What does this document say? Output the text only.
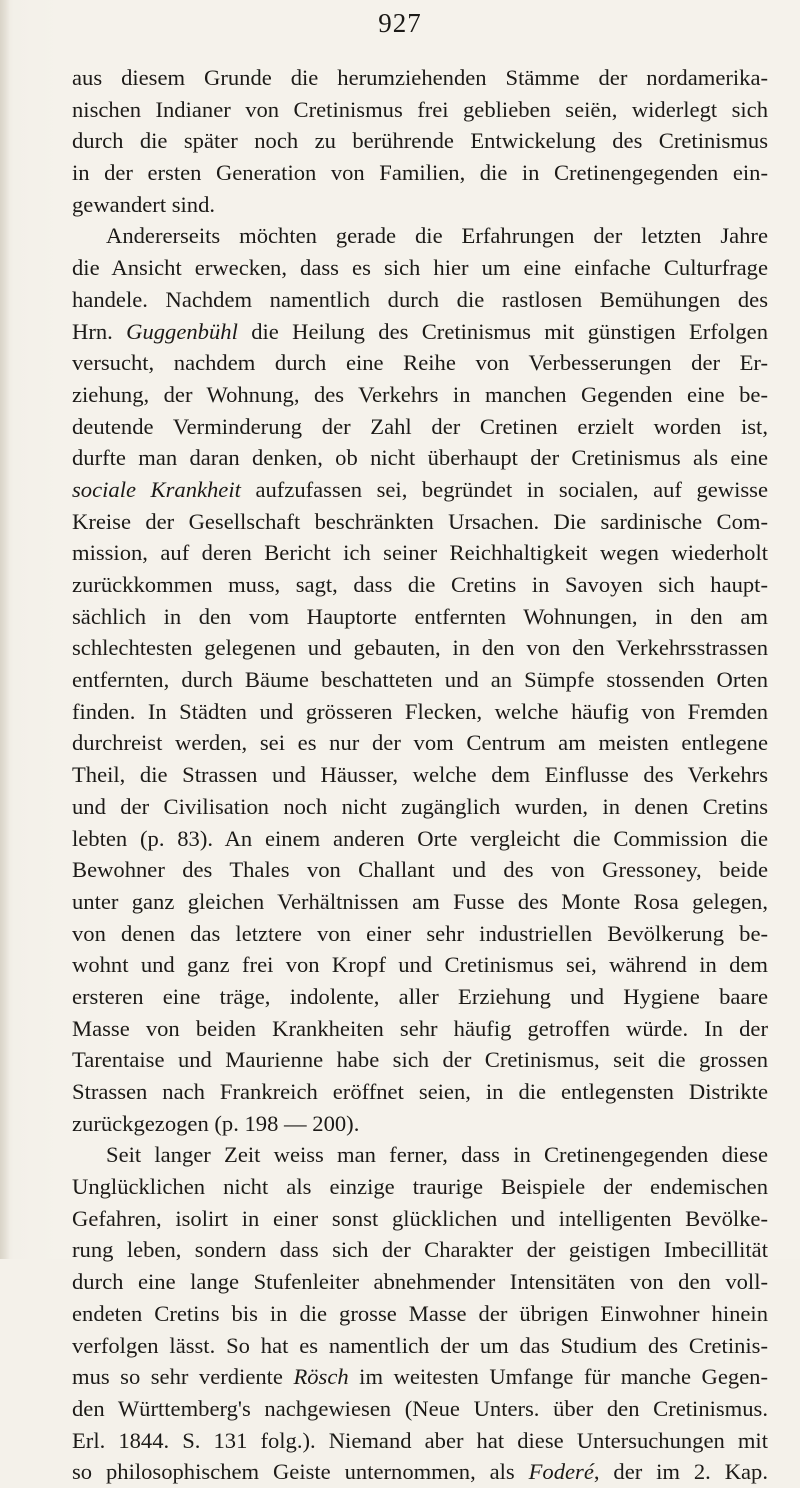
927
aus diesem Grunde die herumziehenden Stämme der nordamerika-
nischen Indianer von Cretinismus frei geblieben seiën, widerlegt sich
durch die später noch zu berührende Entwickelung des Cretinismus
in der ersten Generation von Familien, die in Cretinengegenden ein-
gewandert sind.
Andererseits möchten gerade die Erfahrungen der letzten Jahre
die Ansicht erwecken, dass es sich hier um eine einfache Culturfrage
handele. Nachdem namentlich durch die rastlosen Bemühungen des
Hrn. Guggenbühl die Heilung des Cretinismus mit günstigen Erfolgen
versucht, nachdem durch eine Reihe von Verbesserungen der Er-
ziehung, der Wohnung, des Verkehrs in manchen Gegenden eine be-
deutende Verminderung der Zahl der Cretinen erzielt worden ist,
durfte man daran denken, ob nicht überhaupt der Cretinismus als eine
sociale Krankheit aufzufassen sei, begründet in socialen, auf gewisse
Kreise der Gesellschaft beschränkten Ursachen. Die sardinische Com-
mission, auf deren Bericht ich seiner Reichhaltigkeit wegen wiederholt
zurückkommen muss, sagt, dass die Cretins in Savoyen sich haupt-
sächlich in den vom Hauptorte entfernten Wohnungen, in den am
schlechtesten gelegenen und gebauten, in den von den Verkehrsstrassen
entfernten, durch Bäume beschatteten und an Sümpfe stossenden Orten
finden. In Städten und grösseren Flecken, welche häufig von Fremden
durchreist werden, sei es nur der vom Centrum am meisten entlegene
Theil, die Strassen und Häusser, welche dem Einflusse des Verkehrs
und der Civilisation noch nicht zugänglich wurden, in denen Cretins
lebten (p. 83). An einem anderen Orte vergleicht die Commission die
Bewohner des Thales von Challant und des von Gressoney, beide
unter ganz gleichen Verhältnissen am Fusse des Monte Rosa gelegen,
von denen das letztere von einer sehr industriellen Bevölkerung be-
wohnt und ganz frei von Kropf und Cretinismus sei, während in dem
ersteren eine träge, indolente, aller Erziehung und Hygiene baare
Masse von beiden Krankheiten sehr häufig getroffen würde. In der
Tarentaise und Maurienne habe sich der Cretinismus, seit die grossen
Strassen nach Frankreich eröffnet seien, in die entlegensten Distrikte
zurückgezogen (p. 198 — 200).
Seit langer Zeit weiss man ferner, dass in Cretinengegenden diese
Unglücklichen nicht als einzige traurige Beispiele der endemischen
Gefahren, isolirt in einer sonst glücklichen und intelligenten Bevölke-
rung leben, sondern dass sich der Charakter der geistigen Imbecillität
durch eine lange Stufenleiter abnehmender Intensitäten von den voll-
endeten Cretins bis in die grosse Masse der übrigen Einwohner hinein
verfolgen lässt. So hat es namentlich der um das Studium des Cretinis-
mus so sehr verdiente Rösch im weitesten Umfange für manche Gegen-
den Württemberg's nachgewiesen (Neue Unters. über den Cretinismus.
Erl. 1844. S. 131 folg.). Niemand aber hat diese Untersuchungen mit
so philosophischem Geiste unternommen, als Foderé, der im 2. Kap.
